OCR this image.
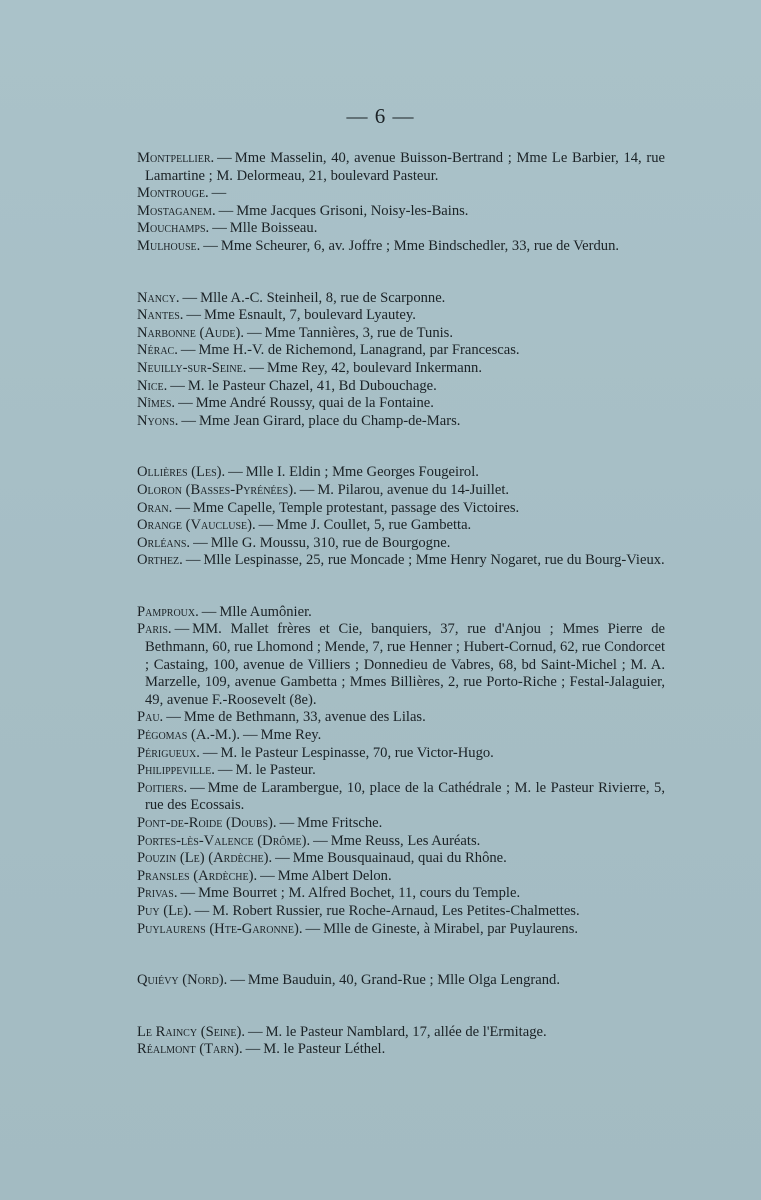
— 6 —

Montpellier. — Mme Masselin, 40, avenue Buisson-Bertrand ; Mme Le Barbier, 14, rue Lamartine ; M. Delormeau, 21, boulevard Pasteur.

Montrouge. —

Mostaganem. — Mme Jacques Grisoni, Noisy-les-Bains.

Mouchamps. — Mlle Boisseau.

Mulhouse. — Mme Scheurer, 6, av. Joffre ; Mme Bindschedler, 33, rue de Verdun.

Nancy. — Mlle A.-C. Steinheil, 8, rue de Scarponne.

Nantes. — Mme Esnault, 7, boulevard Lyautey.

Narbonne (Aude). — Mme Tannières, 3, rue de Tunis.

Nérac. — Mme H.-V. de Richemond, Lanagrand, par Francescas.

Neuilly-sur-Seine. — Mme Rey, 42, boulevard Inkermann.

Nice. — M. le Pasteur Chazel, 41, Bd Dubouchage.

Nîmes. — Mme André Roussy, quai de la Fontaine.

Nyons. — Mme Jean Girard, place du Champ-de-Mars.

Ollières (Les). — Mlle I. Eldin ; Mme Georges Fougeirol.

Oloron (Basses-Pyrénées). — M. Pilarou, avenue du 14-Juillet.

Oran. — Mme Capelle, Temple protestant, passage des Victoires.

Orange (Vaucluse). — Mme J. Coullet, 5, rue Gambetta.

Orléans. — Mlle G. Moussu, 310, rue de Bourgogne.

Orthez. — Mlle Lespinasse, 25, rue Moncade ; Mme Henry Nogaret, rue du Bourg-Vieux.

Pamproux. — Mlle Aumônier.

Paris. — MM. Mallet frères et Cie, banquiers, 37, rue d'Anjou ; Mmes Pierre de Bethmann, 60, rue Lhomond ; Mende, 7, rue Henner ; Hubert-Cornud, 62, rue Condorcet ; Castaing, 100, avenue de Villiers ; Donnedieu de Vabres, 68, bd Saint-Michel ; M. A. Marzelle, 109, avenue Gambetta ; Mmes Billières, 2, rue Porto-Riche ; Festal-Jalaguier, 49, avenue F.-Roosevelt (8e).

Pau. — Mme de Bethmann, 33, avenue des Lilas.

Pégomas (A.-M.). — Mme Rey.

Périgueux. — M. le Pasteur Lespinasse, 70, rue Victor-Hugo.

Philippeville. — M. le Pasteur.

Poitiers. — Mme de Larambergue, 10, place de la Cathédrale ; M. le Pasteur Rivierre, 5, rue des Ecossais.

Pont-de-Roide (Doubs). — Mme Fritsche.

Portes-lès-Valence (Drôme). — Mme Reuss, Les Auréats.

Pouzin (Le) (Ardèche). — Mme Bousquainaud, quai du Rhône.

Pransles (Ardèche). — Mme Albert Delon.

Privas. — Mme Bourret ; M. Alfred Bochet, 11, cours du Temple.

Puy (Le). — M. Robert Russier, rue Roche-Arnaud, Les Petites-Chalmettes.

Puylaurens (Hte-Garonne). — Mlle de Gineste, à Mirabel, par Puylaurens.

Quiévy (Nord). — Mme Bauduin, 40, Grand-Rue ; Mlle Olga Lengrand.

Le Raincy (Seine). — M. le Pasteur Namblard, 17, allée de l'Ermitage.

Réalmont (Tarn). — M. le Pasteur Léthel.
